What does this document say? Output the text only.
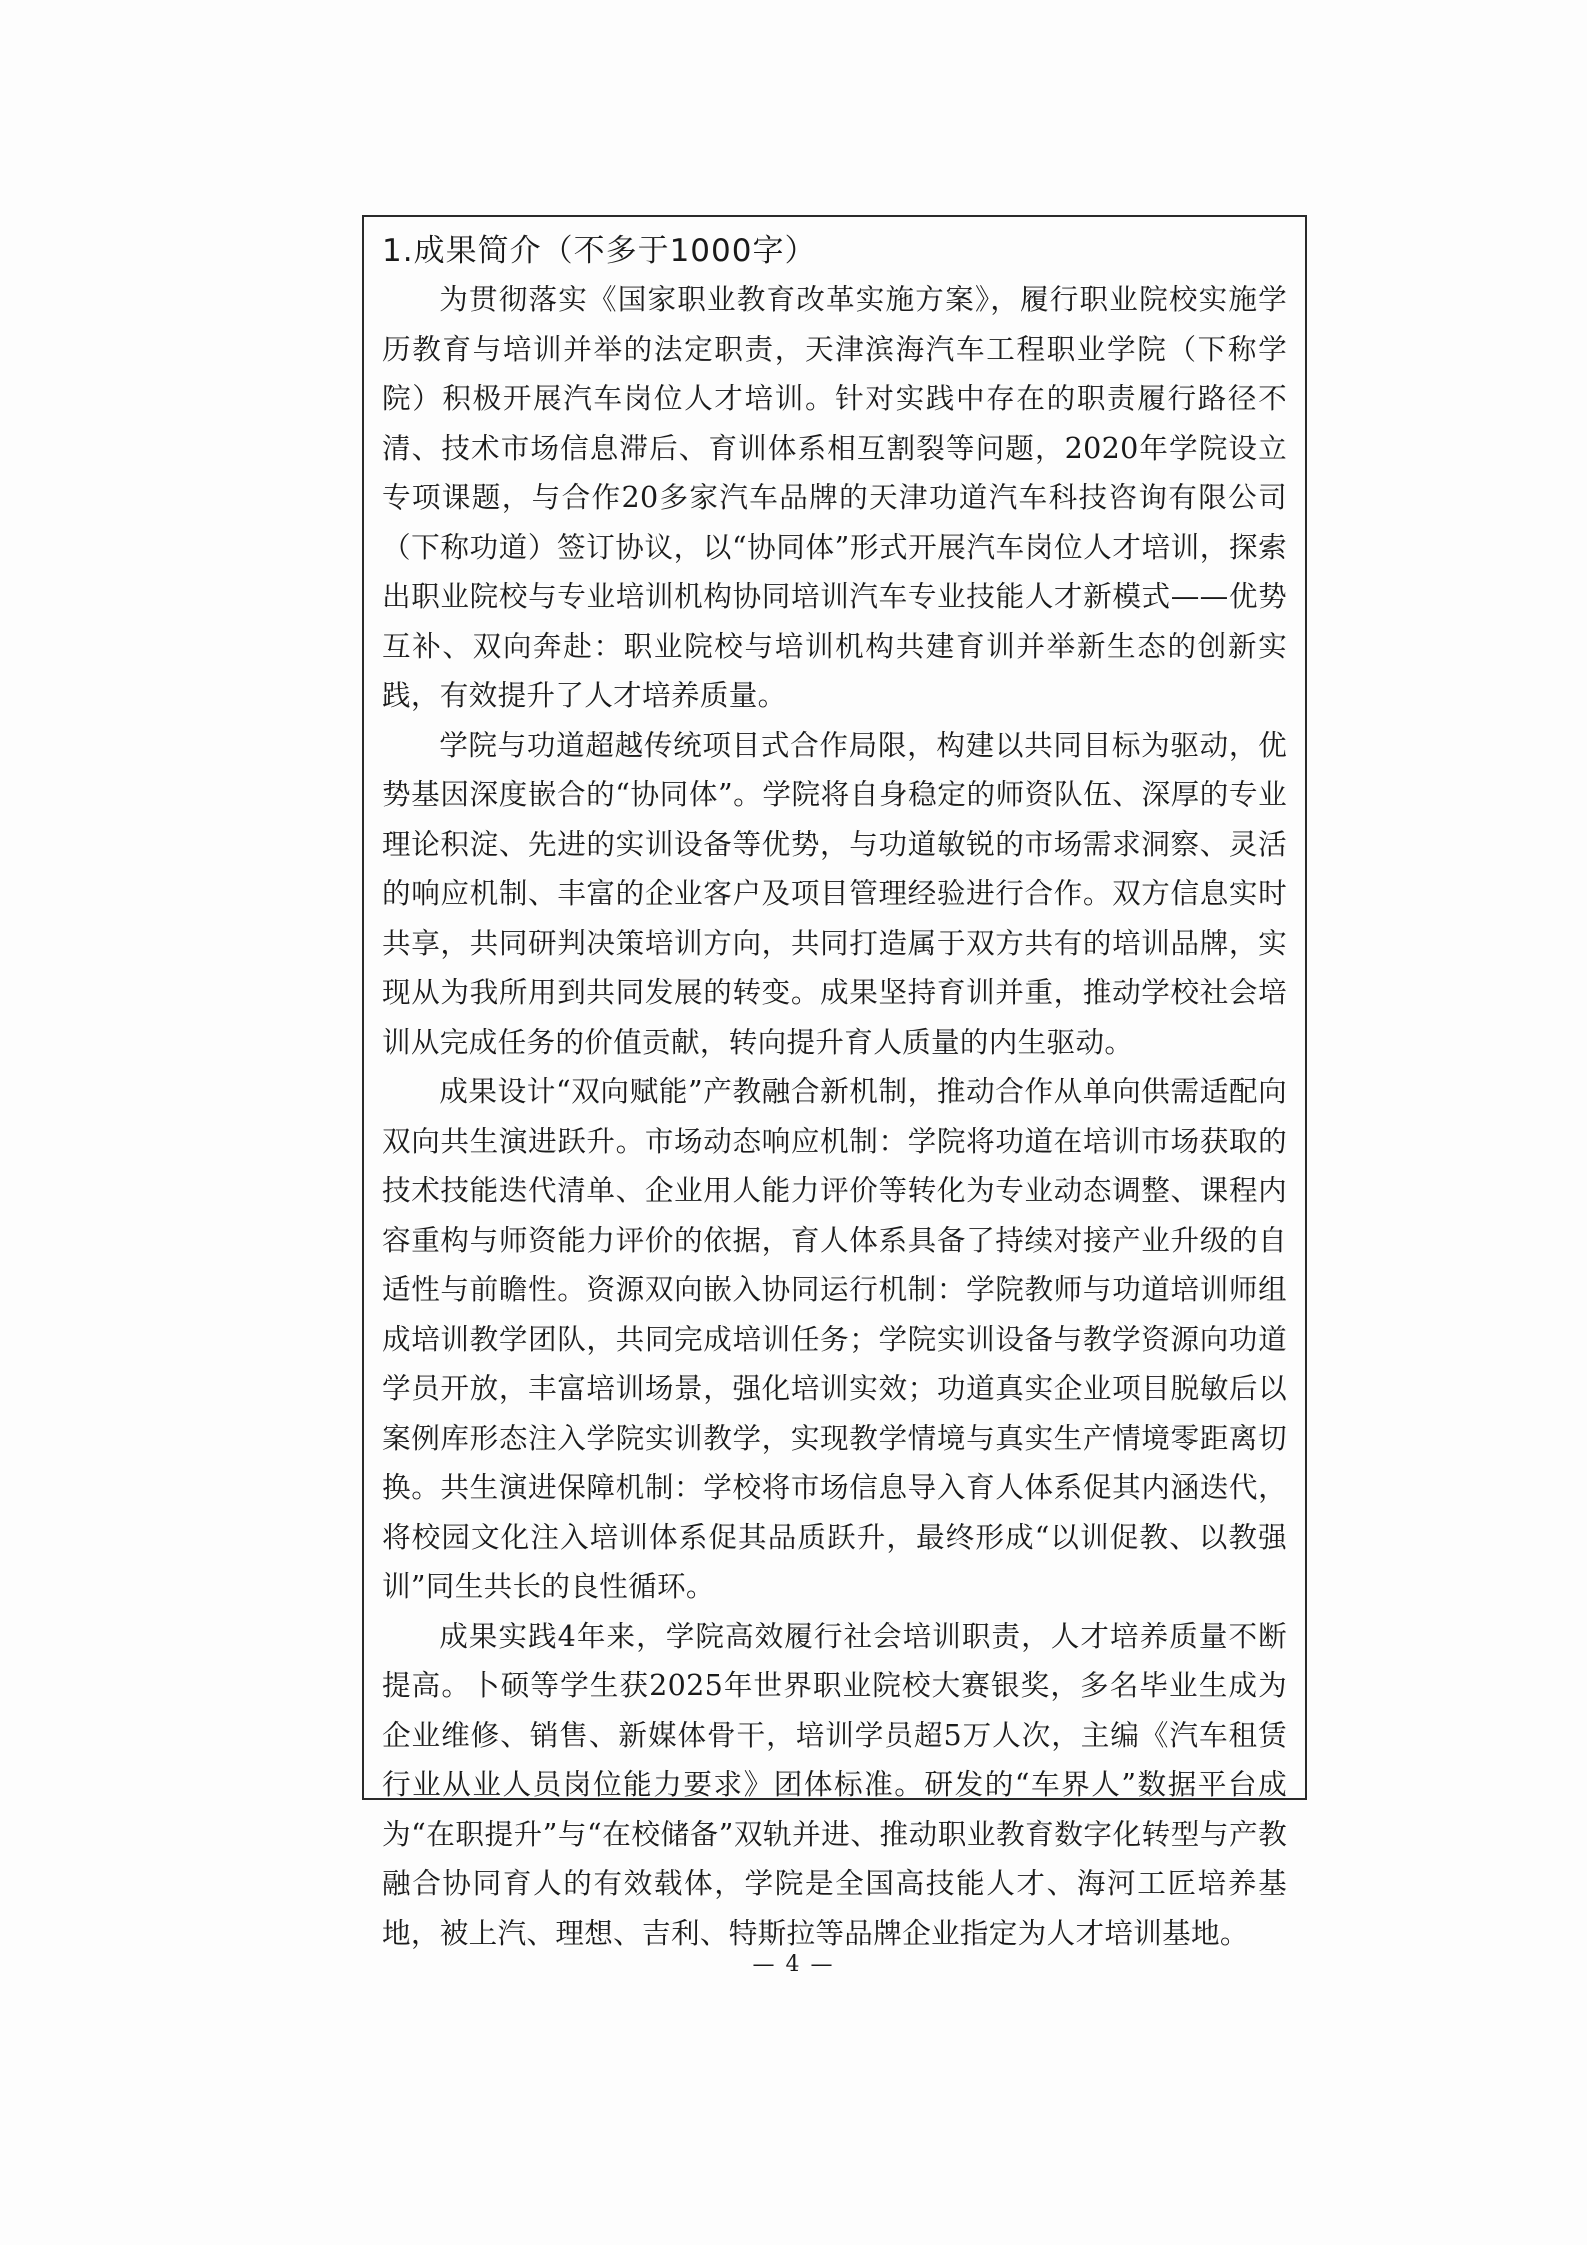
1.成果简介（不多于1000字）

为贯彻落实《国家职业教育改革实施方案》，履行职业院校实施学历教育与培训并举的法定职责，天津滨海汽车工程职业学院（下称学院）积极开展汽车岗位人才培训。针对实践中存在的职责履行路径不清、技术市场信息滞后、育训体系相互割裂等问题，2020年学院设立专项课题，与合作20多家汽车品牌的天津功道汽车科技咨询有限公司（下称功道）签订协议，以“协同体”形式开展汽车岗位人才培训，探索出职业院校与专业培训机构协同培训汽车专业技能人才新模式——优势互补、双向奔赴：职业院校与培训机构共建育训并举新生态的创新实践，有效提升了人才培养质量。

学院与功道超越传统项目式合作局限，构建以共同目标为驱动，优势基因深度嵌合的“协同体”。学院将自身稳定的师资队伍、深厚的专业理论积淀、先进的实训设备等优势，与功道敏锐的市场需求洞察、灵活的响应机制、丰富的企业客户及项目管理经验进行合作。双方信息实时共享，共同研判决策培训方向，共同打造属于双方共有的培训品牌，实现从为我所用到共同发展的转变。成果坚持育训并重，推动学校社会培训从完成任务的价值贡献，转向提升育人质量的内生驱动。

成果设计“双向赋能”产教融合新机制，推动合作从单向供需适配向双向共生演进跃升。市场动态响应机制：学院将功道在培训市场获取的技术技能迭代清单、企业用人能力评价等转化为专业动态调整、课程内容重构与师资能力评价的依据，育人体系具备了持续对接产业升级的自适性与前瞻性。资源双向嵌入协同运行机制：学院教师与功道培训师组成培训教学团队，共同完成培训任务；学院实训设备与教学资源向功道学员开放，丰富培训场景，强化培训实效；功道真实企业项目脱敏后以案例库形态注入学院实训教学，实现教学情境与真实生产情境零距离切换。共生演进保障机制：学校将市场信息导入育人体系促其内涵迭代，将校园文化注入培训体系促其品质跃升，最终形成“以训促教、以教强训”同生共长的良性循环。

成果实践4年来，学院高效履行社会培训职责，人才培养质量不断提高。卜硕等学生获2025年世界职业院校大赛银奖，多名毕业生成为企业维修、销售、新媒体骨干，培训学员超5万人次，主编《汽车租赁行业从业人员岗位能力要求》团体标准。研发的“车界人”数据平台成为“在职提升”与“在校储备”双轨并进、推动职业教育数字化转型与产教融合协同育人的有效载体，学院是全国高技能人才、海河工匠培养基地，被上汽、理想、吉利、特斯拉等品牌企业指定为人才培训基地。

— 4 —
